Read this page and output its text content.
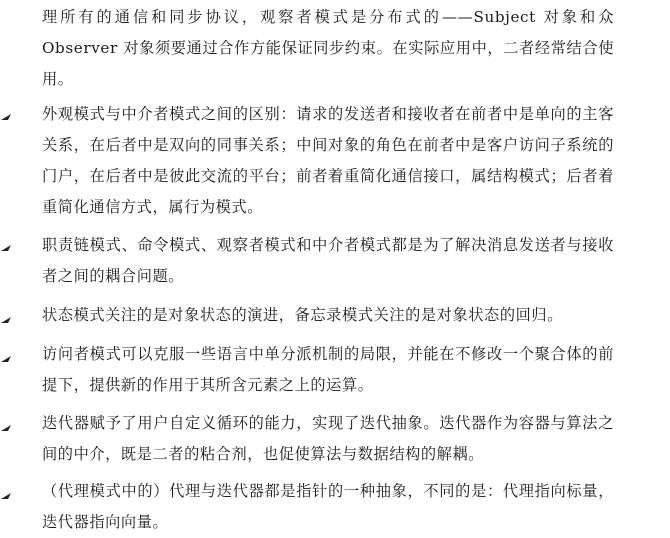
理所有的通信和同步协议，观察者模式是分布式的——Subject 对象和众 Observer 对象须要通过合作方能保证同步约束。在实际应用中，二者经常结合使用。

外观模式与中介者模式之间的区别：请求的发送者和接收者在前者中是单向的主客关系，在后者中是双向的同事关系；中间对象的角色在前者中是客户访问子系统的门户，在后者中是彼此交流的平台；前者着重简化通信接口，属结构模式；后者着重简化通信方式，属行为模式。

职责链模式、命令模式、观察者模式和中介者模式都是为了解决消息发送者与接收者之间的耦合问题。

状态模式关注的是对象状态的演进，备忘录模式关注的是对象状态的回归。

访问者模式可以克服一些语言中单分派机制的局限，并能在不修改一个聚合体的前提下，提供新的作用于其所含元素之上的运算。

迭代器赋予了用户自定义循环的能力，实现了迭代抽象。迭代器作为容器与算法之间的中介，既是二者的粘合剂，也促使算法与数据结构的解耦。

（代理模式中的）代理与迭代器都是指针的一种抽象，不同的是：代理指向标量，迭代器指向向量。
